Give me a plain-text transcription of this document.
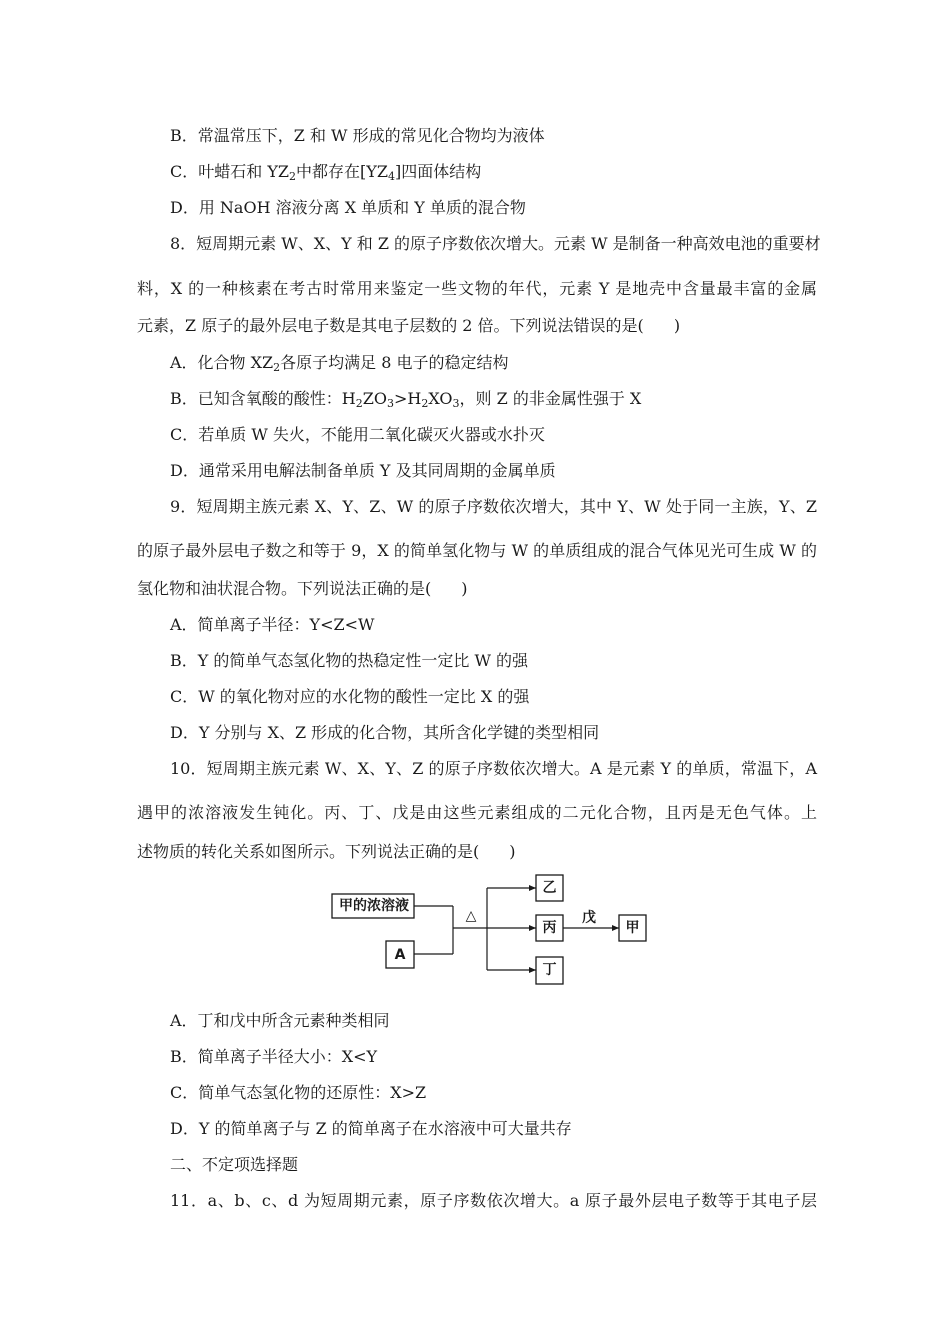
B．常温常压下，Z 和 W 形成的常见化合物均为液体
C．叶蜡石和 $YZ_2$中都存在$[YZ_4]$四面体结构
D．用 NaOH 溶液分离 X 单质和 Y 单质的混合物
8．短周期元素 W、X、Y 和 Z 的原子序数依次增大。元素 W 是制备一种高效电池的重要材
料，X 的一种核素在考古时常用来鉴定一些文物的年代，元素 Y 是地壳中含量最丰富的金属
元素，Z 原子的最外层电子数是其电子层数的 2 倍。下列说法错误的是( )
A．化合物 $XZ_2$各原子均满足 8 电子的稳定结构
B．已知含氧酸的酸性：$H_2ZO_3>H_2XO_3$，则 Z 的非金属性强于 X
C．若单质 W 失火，不能用二氧化碳灭火器或水扑灭
D．通常采用电解法制备单质 Y 及其同周期的金属单质
9．短周期主族元素 X、Y、Z、W 的原子序数依次增大，其中 Y、W 处于同一主族，Y、Z
的原子最外层电子数之和等于 9，X 的简单氢化物与 W 的单质组成的混合气体见光可生成 W 的
氢化物和油状混合物。下列说法正确的是( )
A．简单离子半径：Y<Z<W
B．Y 的简单气态氢化物的热稳定性一定比 W 的强
C．W 的氧化物对应的水化物的酸性一定比 X 的强
D．Y 分别与 X、Z 形成的化合物，其所含化学键的类型相同
10．短周期主族元素 W、X、Y、Z 的原子序数依次增大。A 是元素 Y 的单质，常温下，A
遇甲的浓溶液发生钝化。丙、丁、戊是由这些元素组成的二元化合物，且丙是无色气体。上
述物质的转化关系如图所示。下列说法正确的是( )
甲的浓溶液
A
△
乙
丙
丁
戊
甲
A．丁和戊中所含元素种类相同
B．简单离子半径大小：X<Y
C．简单气态氢化物的还原性：X>Z
D．Y 的简单离子与 Z 的简单离子在水溶液中可大量共存
二、不定项选择题
11．a、b、c、d 为短周期元素，原子序数依次增大。a 原子最外层电子数等于其电子层
